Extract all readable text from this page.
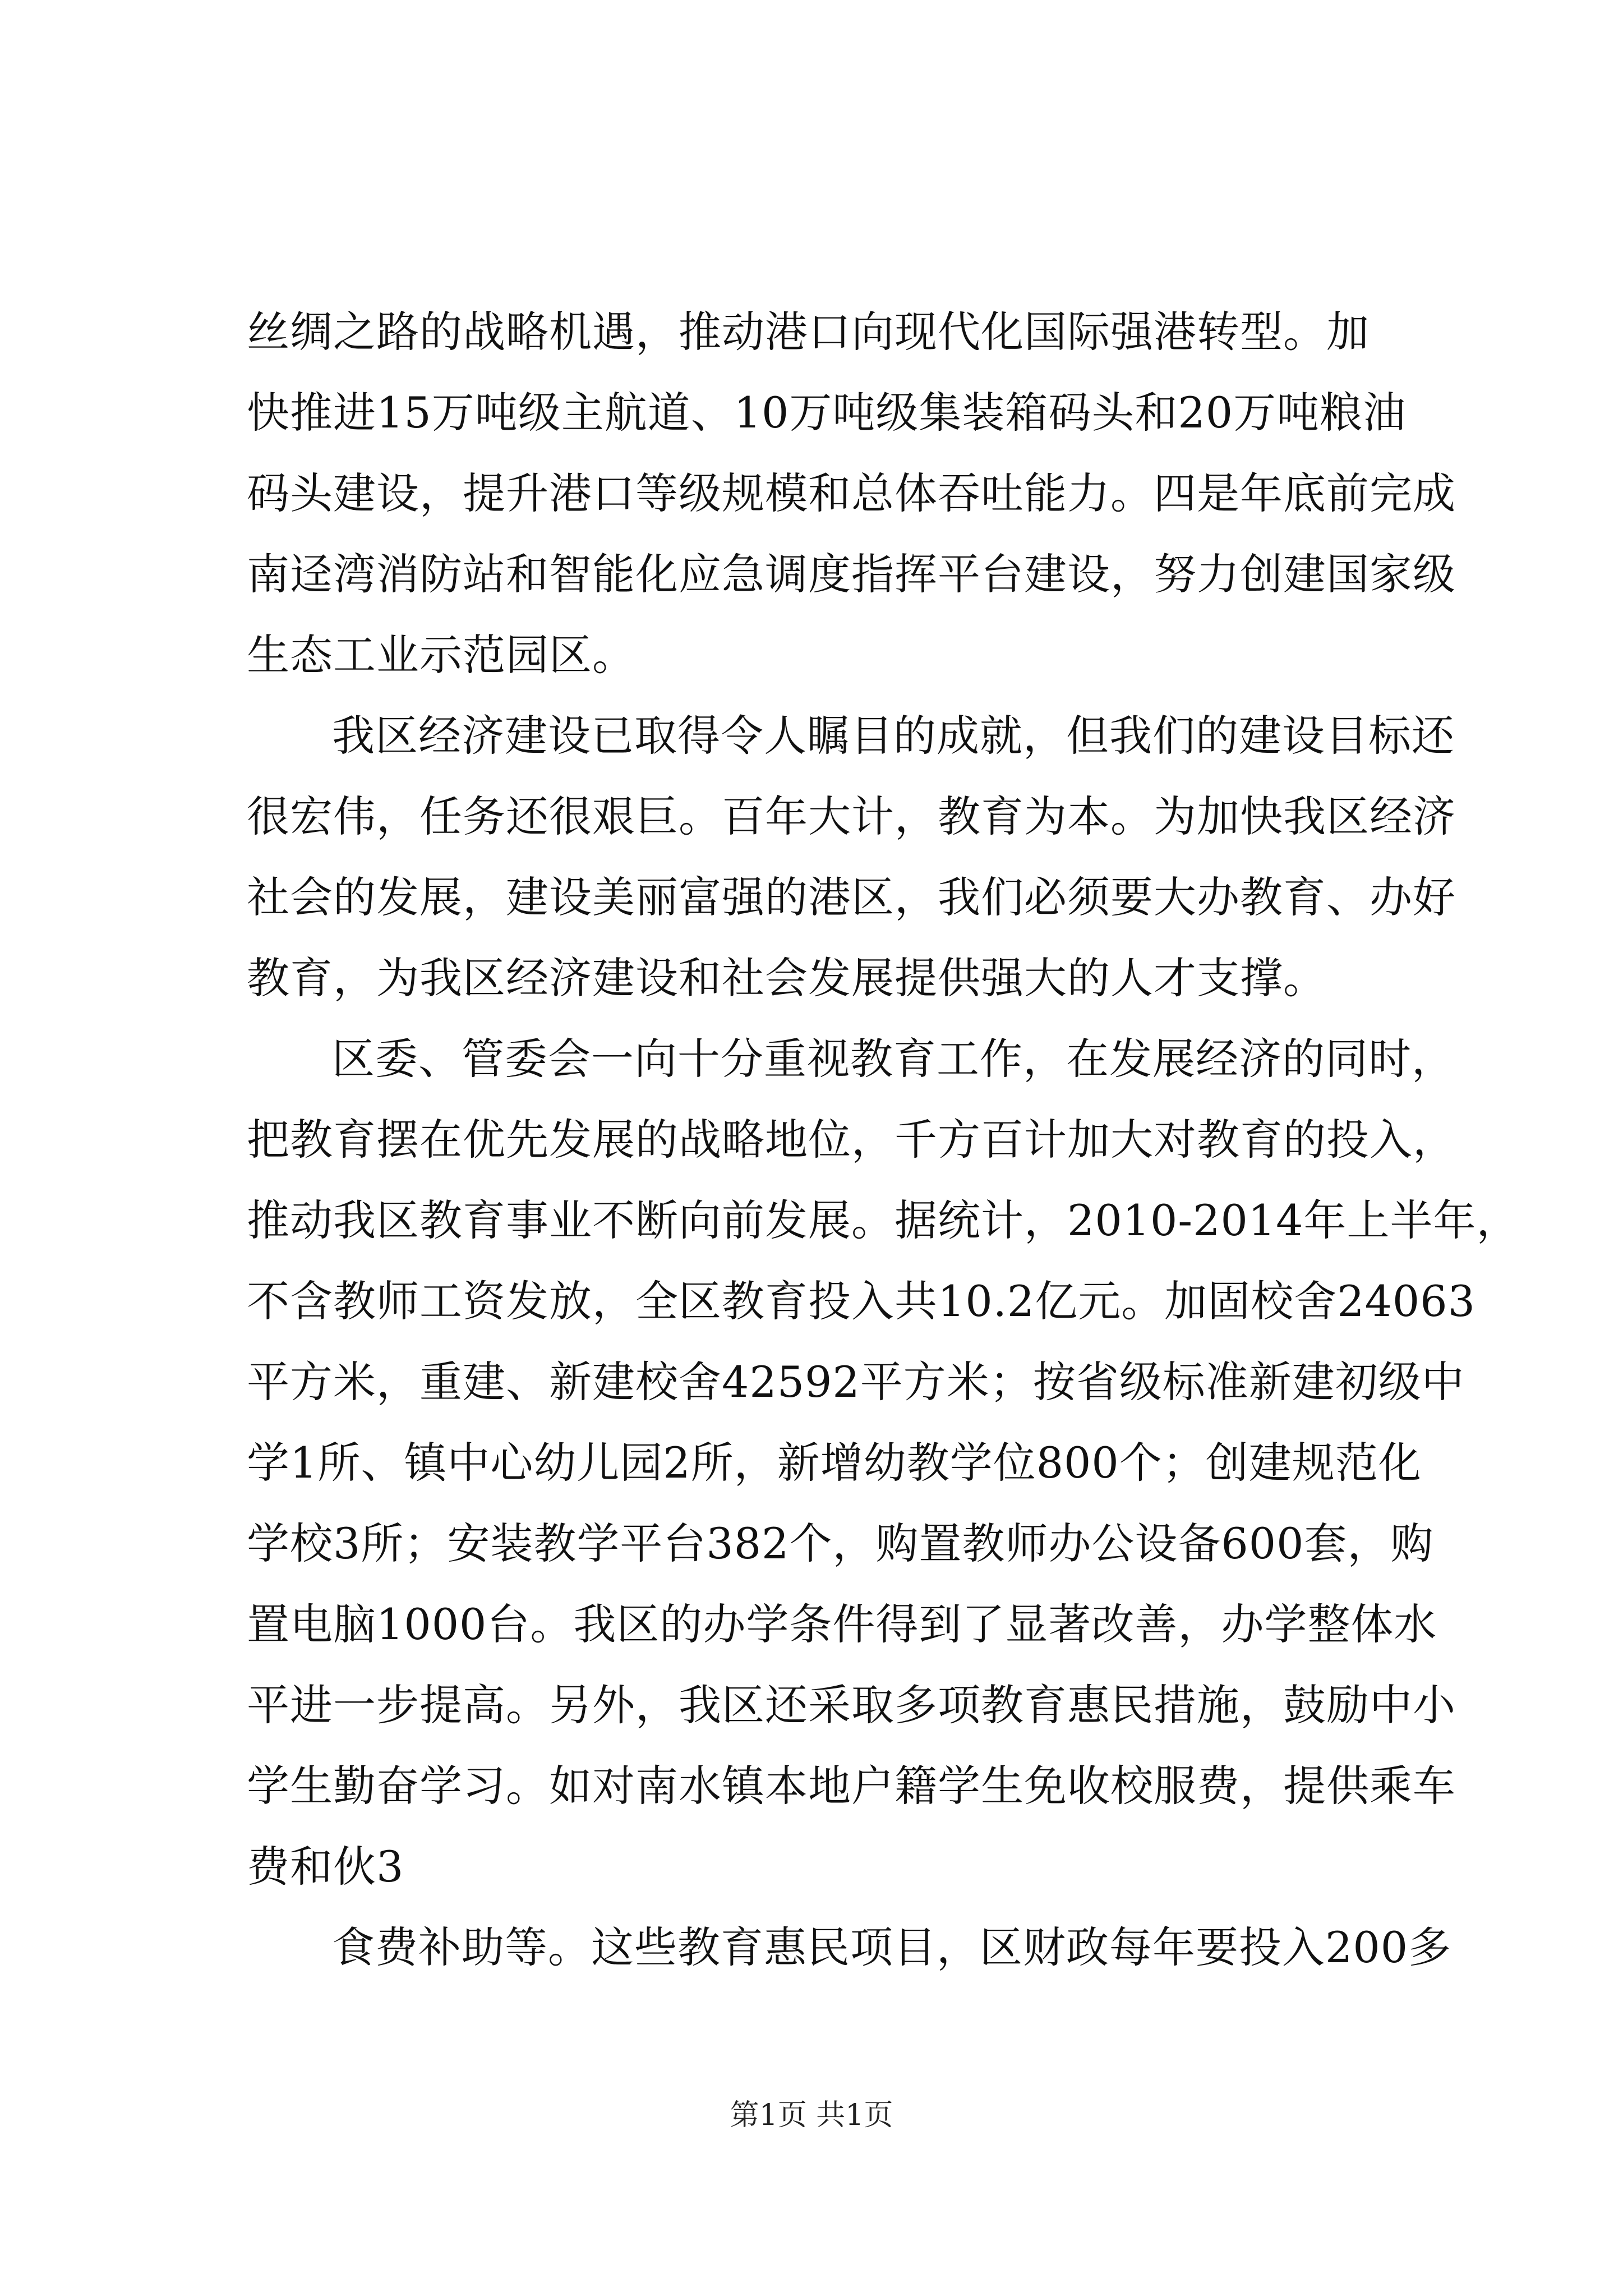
丝绸之路的战略机遇，推动港口向现代化国际强港转型。加
快推进15万吨级主航道、10万吨级集装箱码头和20万吨粮油
码头建设，提升港口等级规模和总体吞吐能力。四是年底前完成
南迳湾消防站和智能化应急调度指挥平台建设，努力创建国家级
生态工业示范园区。
我区经济建设已取得令人瞩目的成就，但我们的建设目标还
很宏伟，任务还很艰巨。百年大计，教育为本。为加快我区经济
社会的发展，建设美丽富强的港区，我们必须要大办教育、办好
教育，为我区经济建设和社会发展提供强大的人才支撑。
区委、管委会一向十分重视教育工作，在发展经济的同时，
把教育摆在优先发展的战略地位，千方百计加大对教育的投入，
推动我区教育事业不断向前发展。据统计，2010-2014年上半年，
不含教师工资发放，全区教育投入共10.2亿元。加固校舍24063
平方米，重建、新建校舍42592平方米；按省级标准新建初级中
学1所、镇中心幼儿园2所，新增幼教学位800个；创建规范化
学校3所；安装教学平台382个，购置教师办公设备600套，购
置电脑1000台。我区的办学条件得到了显著改善，办学整体水
平进一步提高。另外，我区还采取多项教育惠民措施，鼓励中小
学生勤奋学习。如对南水镇本地户籍学生免收校服费，提供乘车
费和伙3
食费补助等。这些教育惠民项目，区财政每年要投入200多
第1页 共1页
